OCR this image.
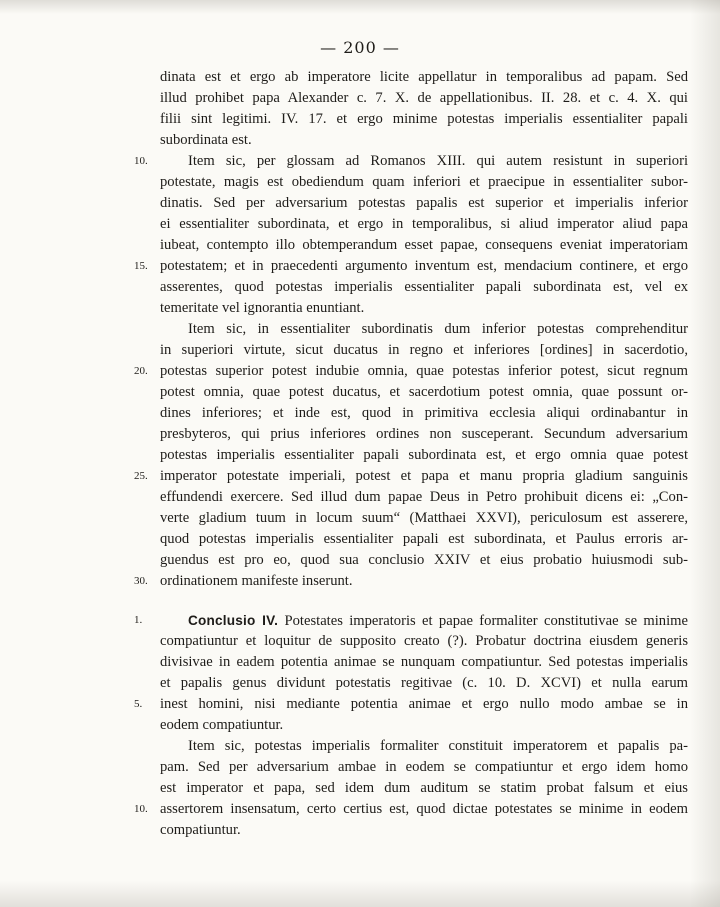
— 200 —
dinata est et ergo ab imperatore licite appellatur in temporalibus ad papam. Sed
illud prohibet papa Alexander c. 7. X. de appellationibus. II. 28. et c. 4. X. qui
filii sint legitimi. IV. 17. et ergo minime potestas imperialis essentialiter papali
subordinata est.
10.	Item sic, per glossam ad Romanos XIII. qui autem resistunt in superiori
potestate, magis est obediendum quam inferiori et praecipue in essentialiter subor-
dinatis. Sed per adversarium potestas papalis est superior et imperialis inferior
ei essentialiter subordinata, et ergo in temporalibus, si aliud imperator aliud papa
iubeat, contempto illo obtemperandum esset papae, consequens eveniat imperatoriam
15. potestatem; et in praecedenti argumento inventum est, mendacium continere, et ergo
asserentes, quod potestas imperialis essentialiter papali subordinata est, vel ex
temeritate vel ignorantia enuntiant.
Item sic, in essentialiter subordinatis dum inferior potestas comprehenditur
in superiori virtute, sicut ducatus in regno et inferiores [ordines] in sacerdotio,
20. potestas superior potest indubie omnia, quae potestas inferior potest, sicut regnum
potest omnia, quae potest ducatus, et sacerdotium potest omnia, quae possunt or-
dines inferiores; et inde est, quod in primitiva ecclesia aliqui ordinabantur in
presbyteros, qui prius inferiores ordines non susceperant. Secundum adversarium
potestas imperialis essentialiter papali subordinata est, et ergo omnia quae potest
25. imperator potestate imperiali, potest et papa et manu propria gladium sanguinis
effundendi exercere. Sed illud dum papae Deus in Petro prohibuit dicens ei: „Con-
verte gladium tuum in locum suum“ (Matthaei XXVI), periculosum est asserere,
quod potestas imperialis essentialiter papali est subordinata, et Paulus erroris ar-
guendus est pro eo, quod sua conclusio XXIV et eius probatio huiusmodi sub-
30. ordinationem manifeste inserunt.
1.	Conclusio IV. Potestates imperatoris et papae formaliter constitutivae se minime
compatiuntur et loquitur de supposito creato (?). Probatur doctrina eiusdem generis
divisivae in eadem potentia animae se nunquam compatiuntur. Sed potestas imperialis
et papalis genus dividunt potestatis regitivae (c. 10. D. XCVI) et nulla earum
5.	inest homini, nisi mediante potentia animae et ergo nullo modo ambae se in
eodem compatiuntur.
Item sic, potestas imperialis formaliter constituit imperatorem et papalis pa-
pam. Sed per adversarium ambae in eodem se compatiuntur et ergo idem homo
est imperator et papa, sed idem dum auditum se statim probat falsum et eius
10. assertorem insensatum, certo certius est, quod dictae potestates se minime in eodem
compatiuntur.
